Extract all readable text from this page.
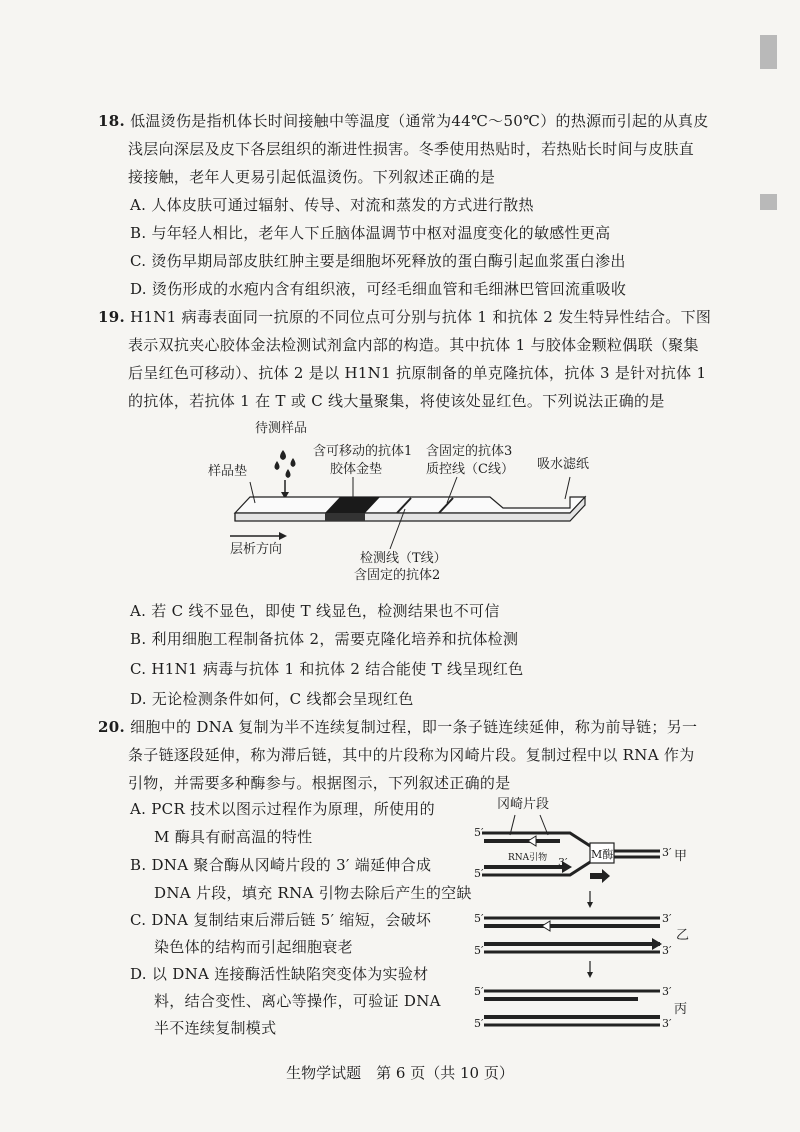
18. 低温烫伤是指机体长时间接触中等温度（通常为44℃～50℃）的热源而引起的从真皮
浅层向深层及皮下各层组织的渐进性损害。冬季使用热贴时，若热贴长时间与皮肤直
接接触，老年人更易引起低温烫伤。下列叙述正确的是
A. 人体皮肤可通过辐射、传导、对流和蒸发的方式进行散热
B. 与年轻人相比，老年人下丘脑体温调节中枢对温度变化的敏感性更高
C. 烫伤早期局部皮肤红肿主要是细胞坏死释放的蛋白酶引起血浆蛋白渗出
D. 烫伤形成的水疱内含有组织液，可经毛细血管和毛细淋巴管回流重吸收
19. H1N1 病毒表面同一抗原的不同位点可分别与抗体 1 和抗体 2 发生特异性结合。下图
表示双抗夹心胶体金法检测试剂盒内部的构造。其中抗体 1 与胶体金颗粒偶联（聚集
后呈红色可移动）、抗体 2 是以 H1N1 抗原制备的单克隆抗体，抗体 3 是针对抗体 1
的抗体，若抗体 1 在 T 或 C 线大量聚集，将使该处显红色。下列说法正确的是
待测样品
样品垫
含可移动的抗体1
胶体金垫
含固定的抗体3
质控线（C线） 吸水滤纸
层析方向
检测线（T线）
含固定的抗体2
A. 若 C 线不显色，即使 T 线显色，检测结果也不可信
B. 利用细胞工程制备抗体 2，需要克隆化培养和抗体检测
C. H1N1 病毒与抗体 1 和抗体 2 结合能使 T 线呈现红色
D. 无论检测条件如何，C 线都会呈现红色
20. 细胞中的 DNA 复制为半不连续复制过程，即一条子链连续延伸，称为前导链；另一
条子链逐段延伸，称为滞后链，其中的片段称为冈崎片段。复制过程中以 RNA 作为
引物，并需要多种酶参与。根据图示，下列叙述正确的是
A. PCR 技术以图示过程作为原理，所使用的
M 酶具有耐高温的特性
B. DNA 聚合酶从冈崎片段的 3′ 端延伸合成
DNA 片段，填充 RNA 引物去除后产生的空缺
C. DNA 复制结束后滞后链 5′ 缩短，会破坏
染色体的结构而引起细胞衰老
D. 以 DNA 连接酶活性缺陷突变体为实验材
料，结合变性、离心等操作，可验证 DNA
半不连续复制模式
冈崎片段
RNA引物	M酶
5′
5′
3′
3′ 甲
5′	3′
5′	3′
乙
5′	3′
5′	3′
丙
生物学试题　第 6 页（共 10 页）
